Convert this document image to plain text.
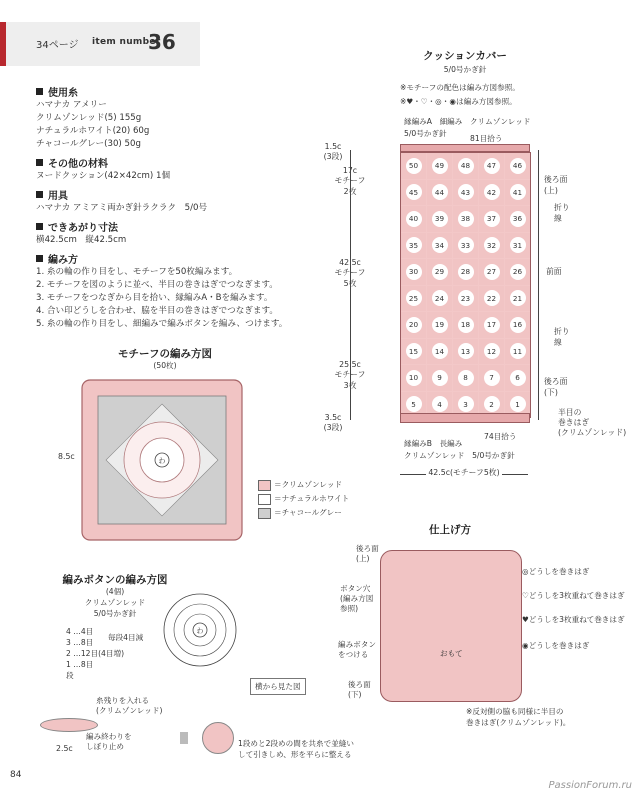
34ページ item number
36
使用糸
ハマナカ アメリー
クリムゾンレッド(5) 155g
ナチュラルホワイト(20) 60g
チャコールグレー(30) 50g
その他の材料
ヌードクッション(42×42cm) 1個
用具
ハマナカ アミアミ両かぎ針ラクラク　5/0号
できあがり寸法
横42.5cm　縦42.5cm
編み方
1. 糸の輪の作り目をし、モチーフを50枚編みます。
2. モチーフを図のように並べ、半目の巻きはぎでつなぎます。
3. モチーフをつなぎから目を拾い、縁編みA・Bを編みます。
4. 合い印どうしを合わせ、脇を半目の巻きはぎでつなぎます。
5. 糸の輪の作り目をし、細編みで編みボタンを編み、つけます。
クッションカバー
5/0号かぎ針
※モチーフの配色は編み方図参照。
※♥・♡・◎・◉は編み方図参照。
縁編みA　細編み　クリムゾンレッド
5/0号かぎ針
81目拾う
50	49	48	47	46
45	44	43	42	41
40	39	38	37	36
35	34	33	32	31
30	29	28	27	26
25	24	23	22	21
20	19	18	17	16
15	14	13	12	11
10	9	8	7	6
5	4	3	2	1
1.5c
(3段)
17c
モチーフ
2枚
42.5c
モチーフ
5枚
25.5c
モチーフ
3枚
3.5c
(3段)
後ろ面
(上)
折り
線
前面
折り
線
後ろ面
(下)
半目の
巻きはぎ
(クリムゾンレッド)
74目拾う
縁編みB　長編み
クリムゾンレッド　5/0号かぎ針
42.5c(モチーフ5枚)
モチーフの編み方図
(50枚)
8.5c	わ
＝クリムゾンレッド
＝ナチュラルホワイト
＝チャコールグレー
編みボタンの編み方図
(4個)
クリムゾンレッド
5/0号かぎ針
4 …4目
3 …8目
2 …12目(4目増)
1 …8目
段
毎段4目減
わ
糸残りを入れる
(クリムゾンレッド)
編み終わりを
しぼり止め
2.5c
横から見た図
1段めと2段めの間を共糸で並縫い
して引きしめ、形を平らに整える
仕上げ方
後ろ面
(上)
ボタン穴
(編み方図
参照)
編みボタン
をつける
後ろ面
(下)
おもて
◎どうしを巻きはぎ
♡どうしを3枚重ねて巻きはぎ
♥どうしを3枚重ねて巻きはぎ
◉どうしを巻きはぎ
※反対側の脇も同様に半目の
巻きはぎ(クリムゾンレッド)。
84
PassionForum.ru
